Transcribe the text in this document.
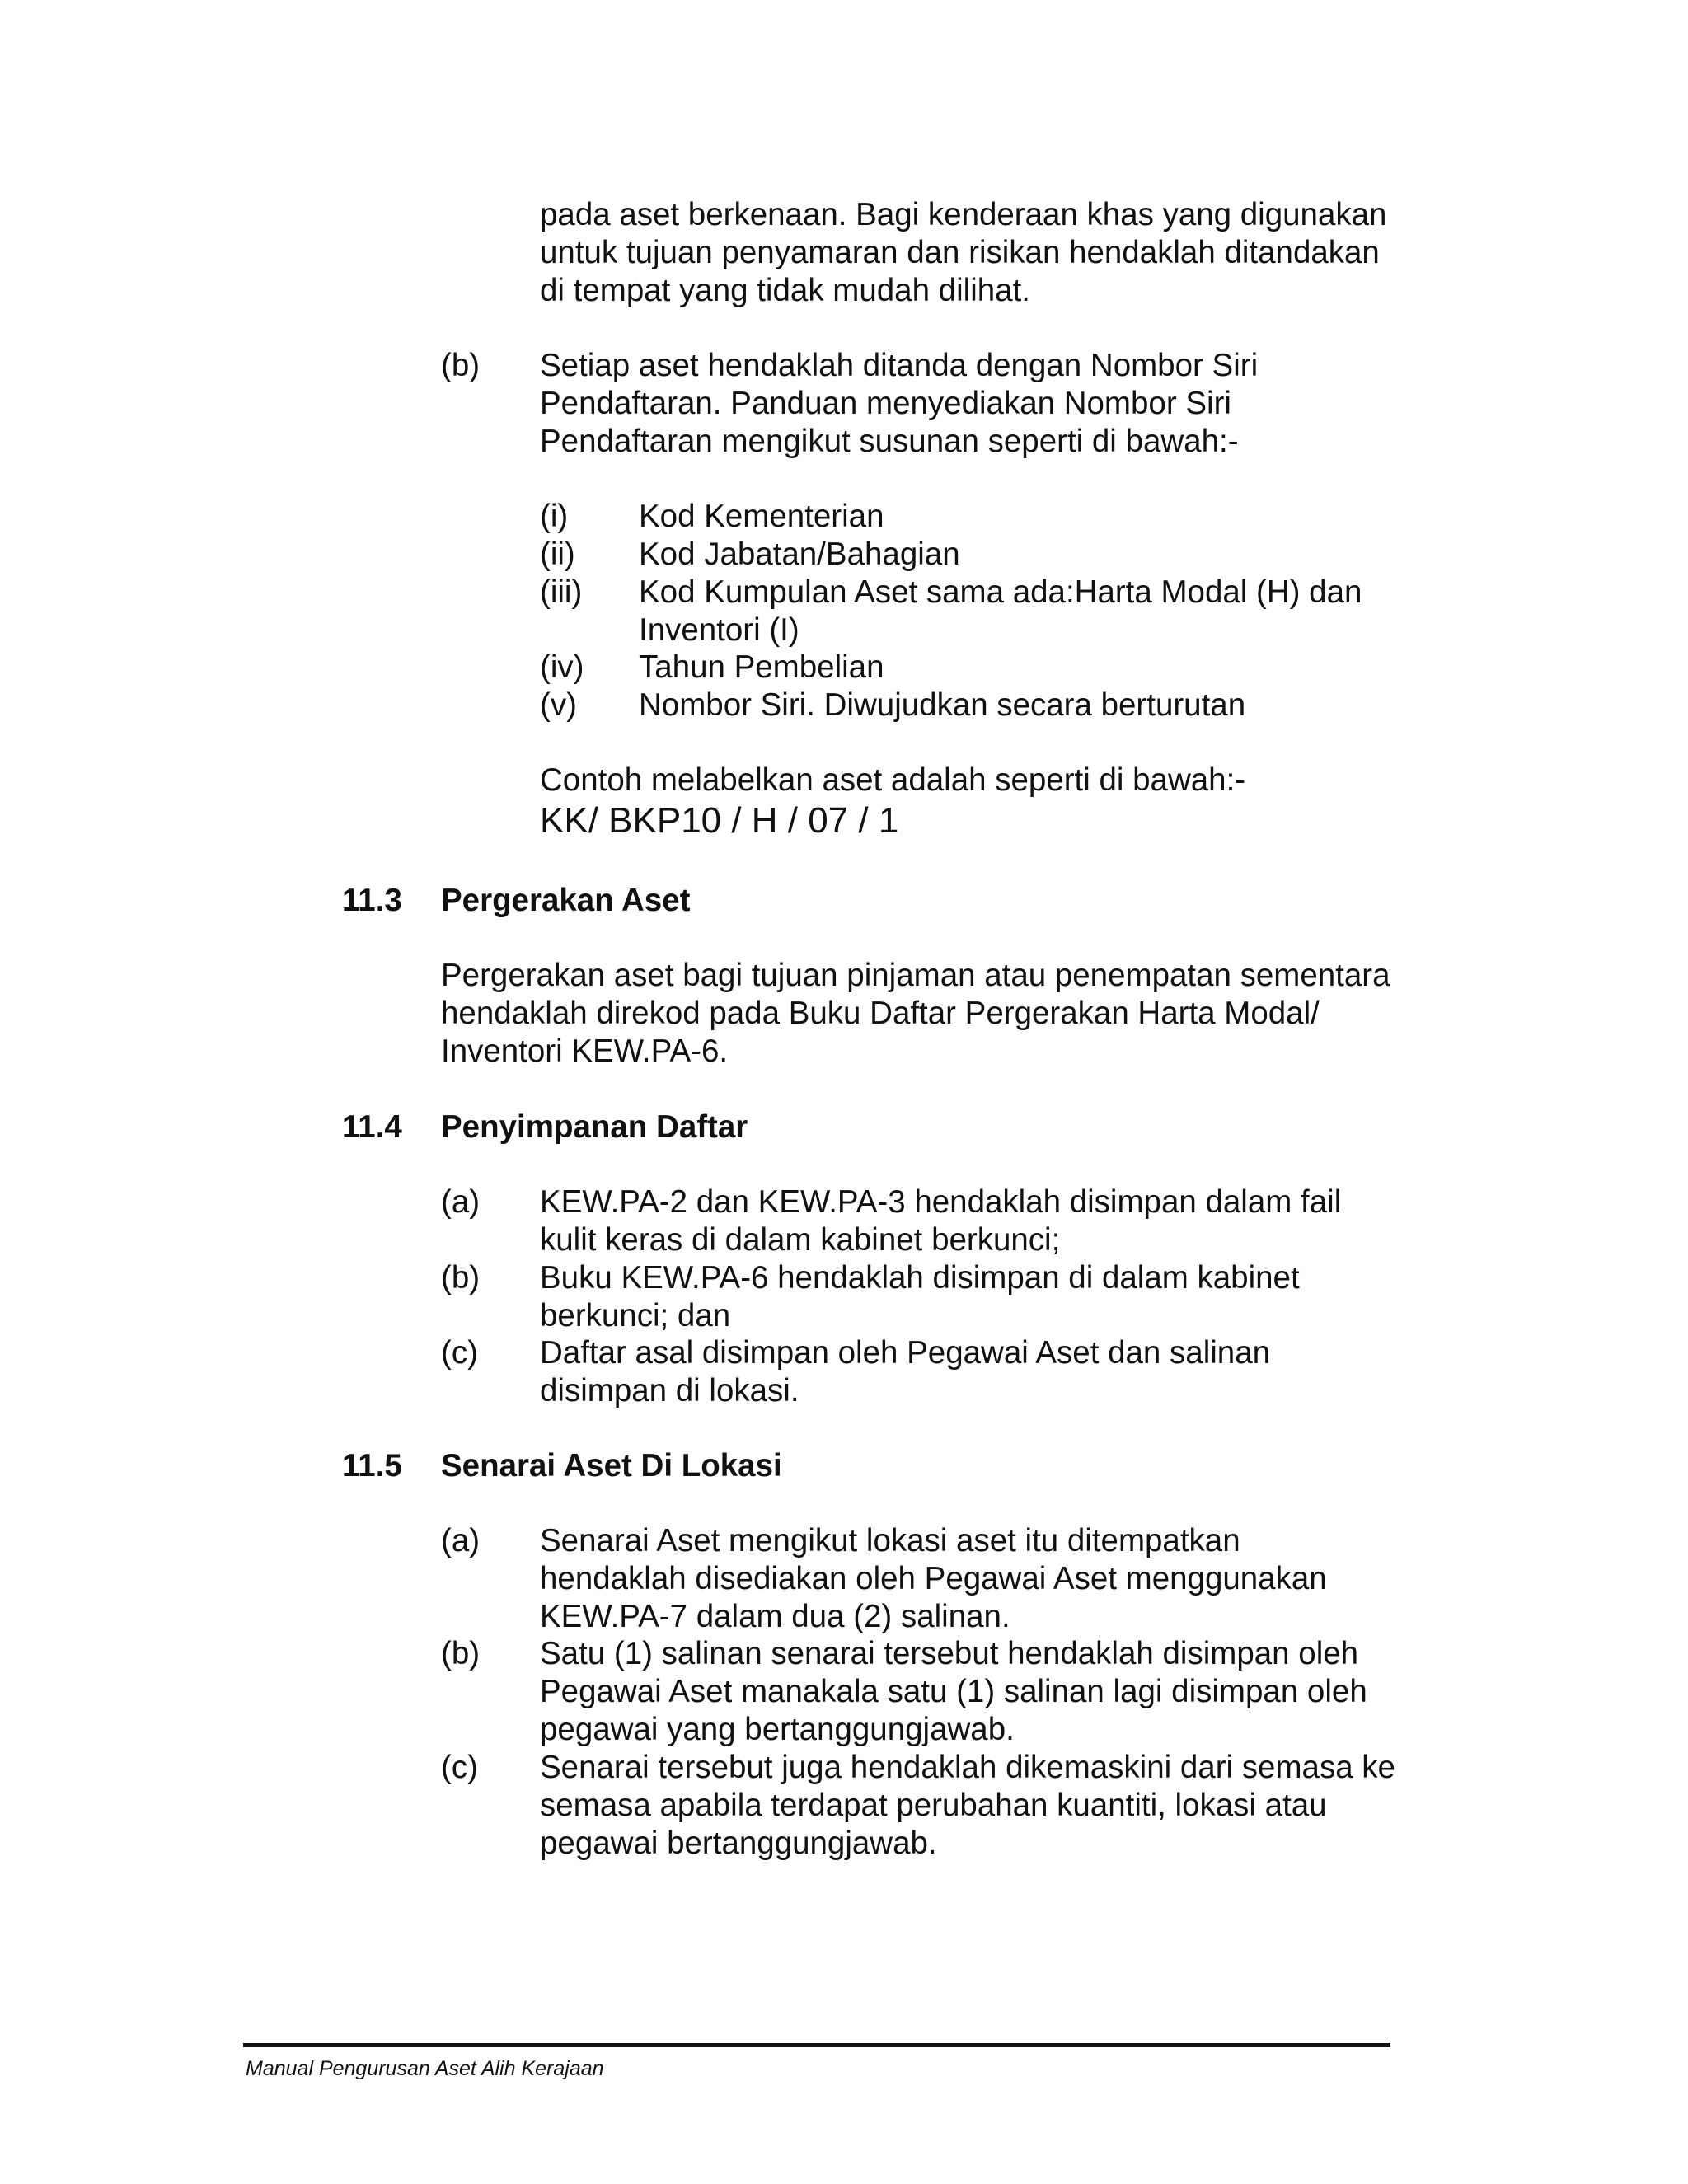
pada aset berkenaan. Bagi kenderaan khas yang digunakan
untuk tujuan penyamaran dan risikan hendaklah ditandakan
di tempat yang tidak mudah dilihat.
(b) Setiap aset hendaklah ditanda dengan Nombor Siri
Pendaftaran. Panduan menyediakan Nombor Siri
Pendaftaran mengikut susunan seperti di bawah:-
(i) Kod Kementerian
(ii) Kod Jabatan/Bahagian
(iii) Kod Kumpulan Aset sama ada:Harta Modal (H) dan
Inventori (I)
(iv) Tahun Pembelian
(v) Nombor Siri. Diwujudkan secara berturutan
Contoh melabelkan aset adalah seperti di bawah:-
KK/ BKP10 / H / 07 / 1
11.3 Pergerakan Aset
Pergerakan aset bagi tujuan pinjaman atau penempatan sementara
hendaklah direkod pada Buku Daftar Pergerakan Harta Modal/
Inventori KEW.PA-6.
11.4 Penyimpanan Daftar
(a) KEW.PA-2 dan KEW.PA-3 hendaklah disimpan dalam fail
kulit keras di dalam kabinet berkunci;
(b) Buku KEW.PA-6 hendaklah disimpan di dalam kabinet
berkunci; dan
(c) Daftar asal disimpan oleh Pegawai Aset dan salinan
disimpan di lokasi.
11.5 Senarai Aset Di Lokasi
(a) Senarai Aset mengikut lokasi aset itu ditempatkan
hendaklah disediakan oleh Pegawai Aset menggunakan
KEW.PA-7 dalam dua (2) salinan.
(b) Satu (1) salinan senarai tersebut hendaklah disimpan oleh
Pegawai Aset manakala satu (1) salinan lagi disimpan oleh
pegawai yang bertanggungjawab.
(c) Senarai tersebut juga hendaklah dikemaskini dari semasa ke
semasa apabila terdapat perubahan kuantiti, lokasi atau
pegawai bertanggungjawab.
Manual Pengurusan Aset Alih Kerajaan
